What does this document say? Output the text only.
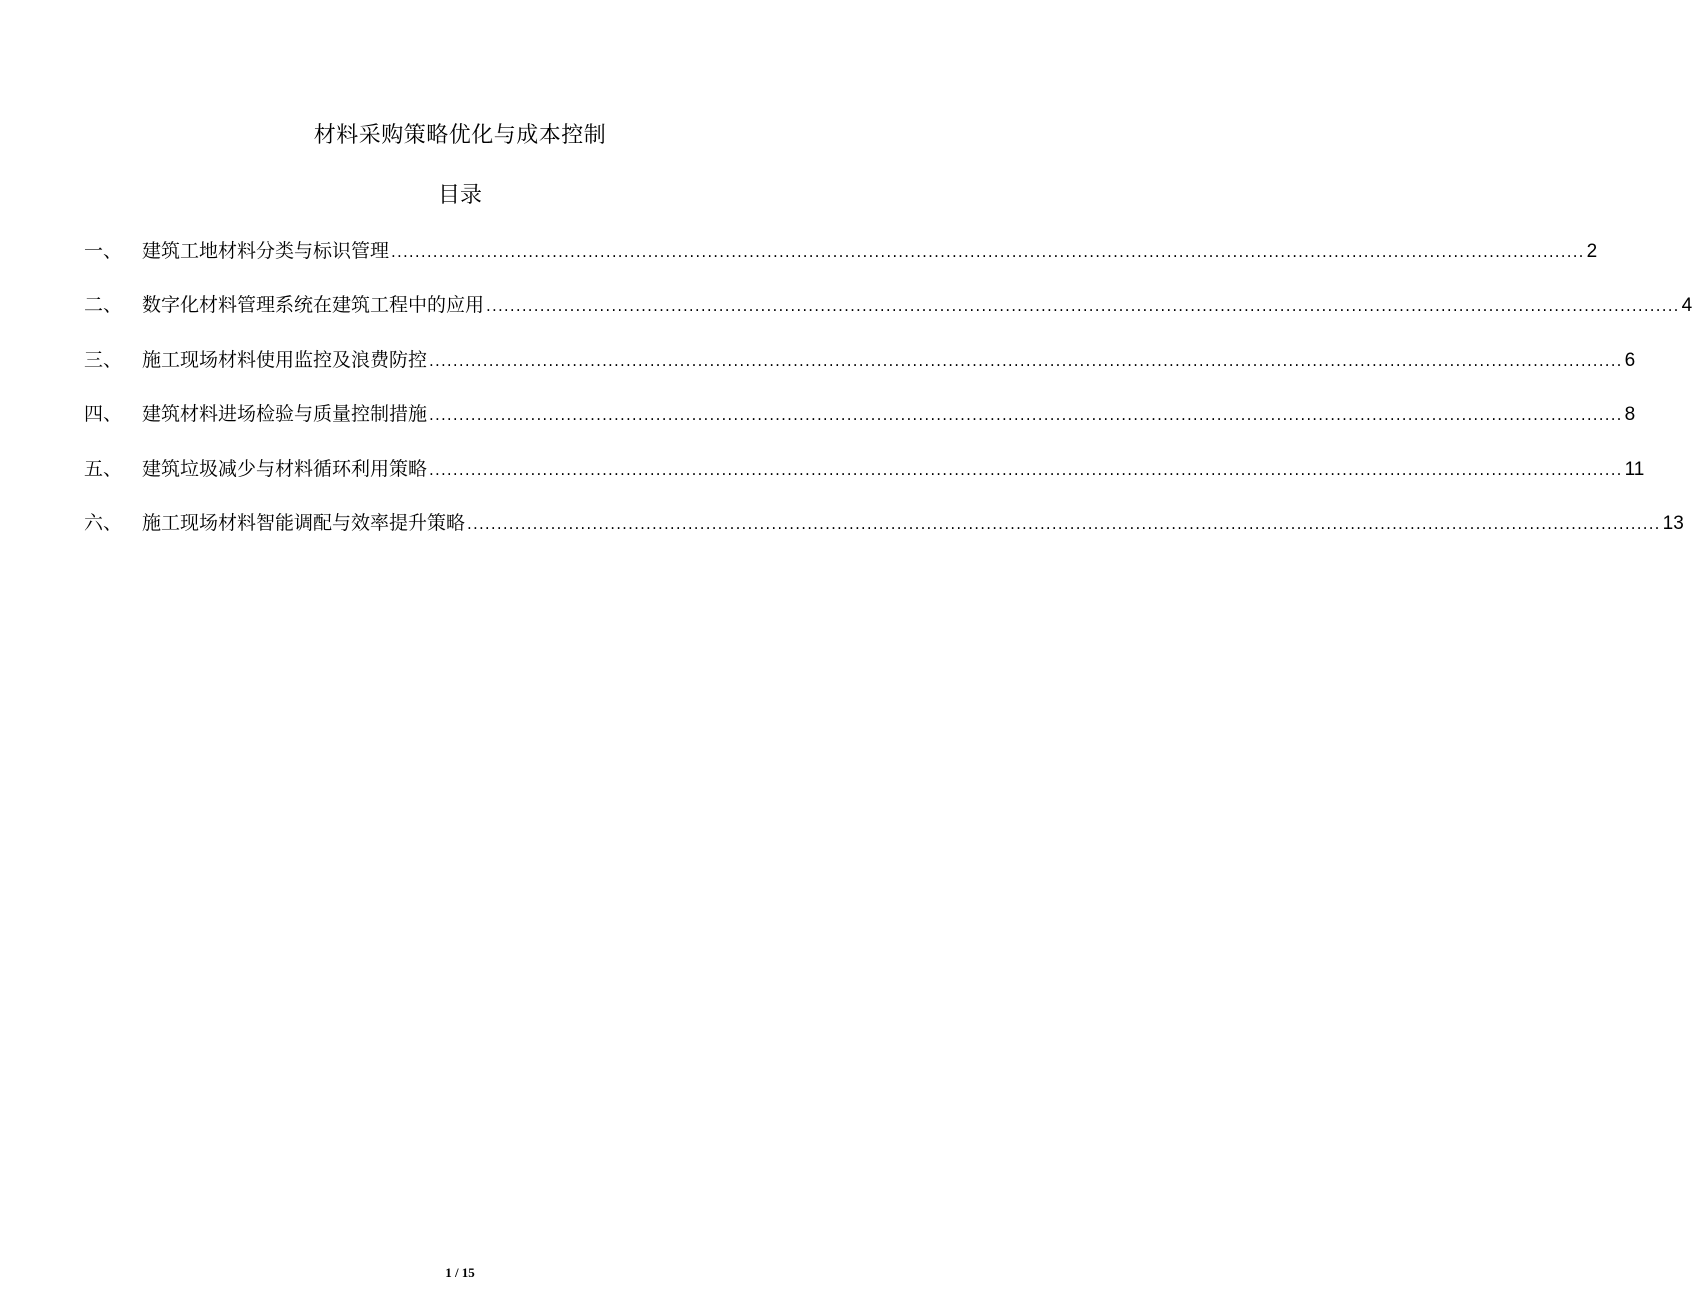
材料采购策略优化与成本控制
目录
一、	建筑工地材料分类与标识管理 ........................................................................................................................................................................................................ 2
二、	数字化材料管理系统在建筑工程中的应用 ........................................................................................................................................................................................................ 4
三、	施工现场材料使用监控及浪费防控 ........................................................................................................................................................................................................ 6
四、	建筑材料进场检验与质量控制措施 ........................................................................................................................................................................................................ 8
五、	建筑垃圾减少与材料循环利用策略 ........................................................................................................................................................................................................ 11
六、	施工现场材料智能调配与效率提升策略 ........................................................................................................................................................................................................ 13
1 / 15
